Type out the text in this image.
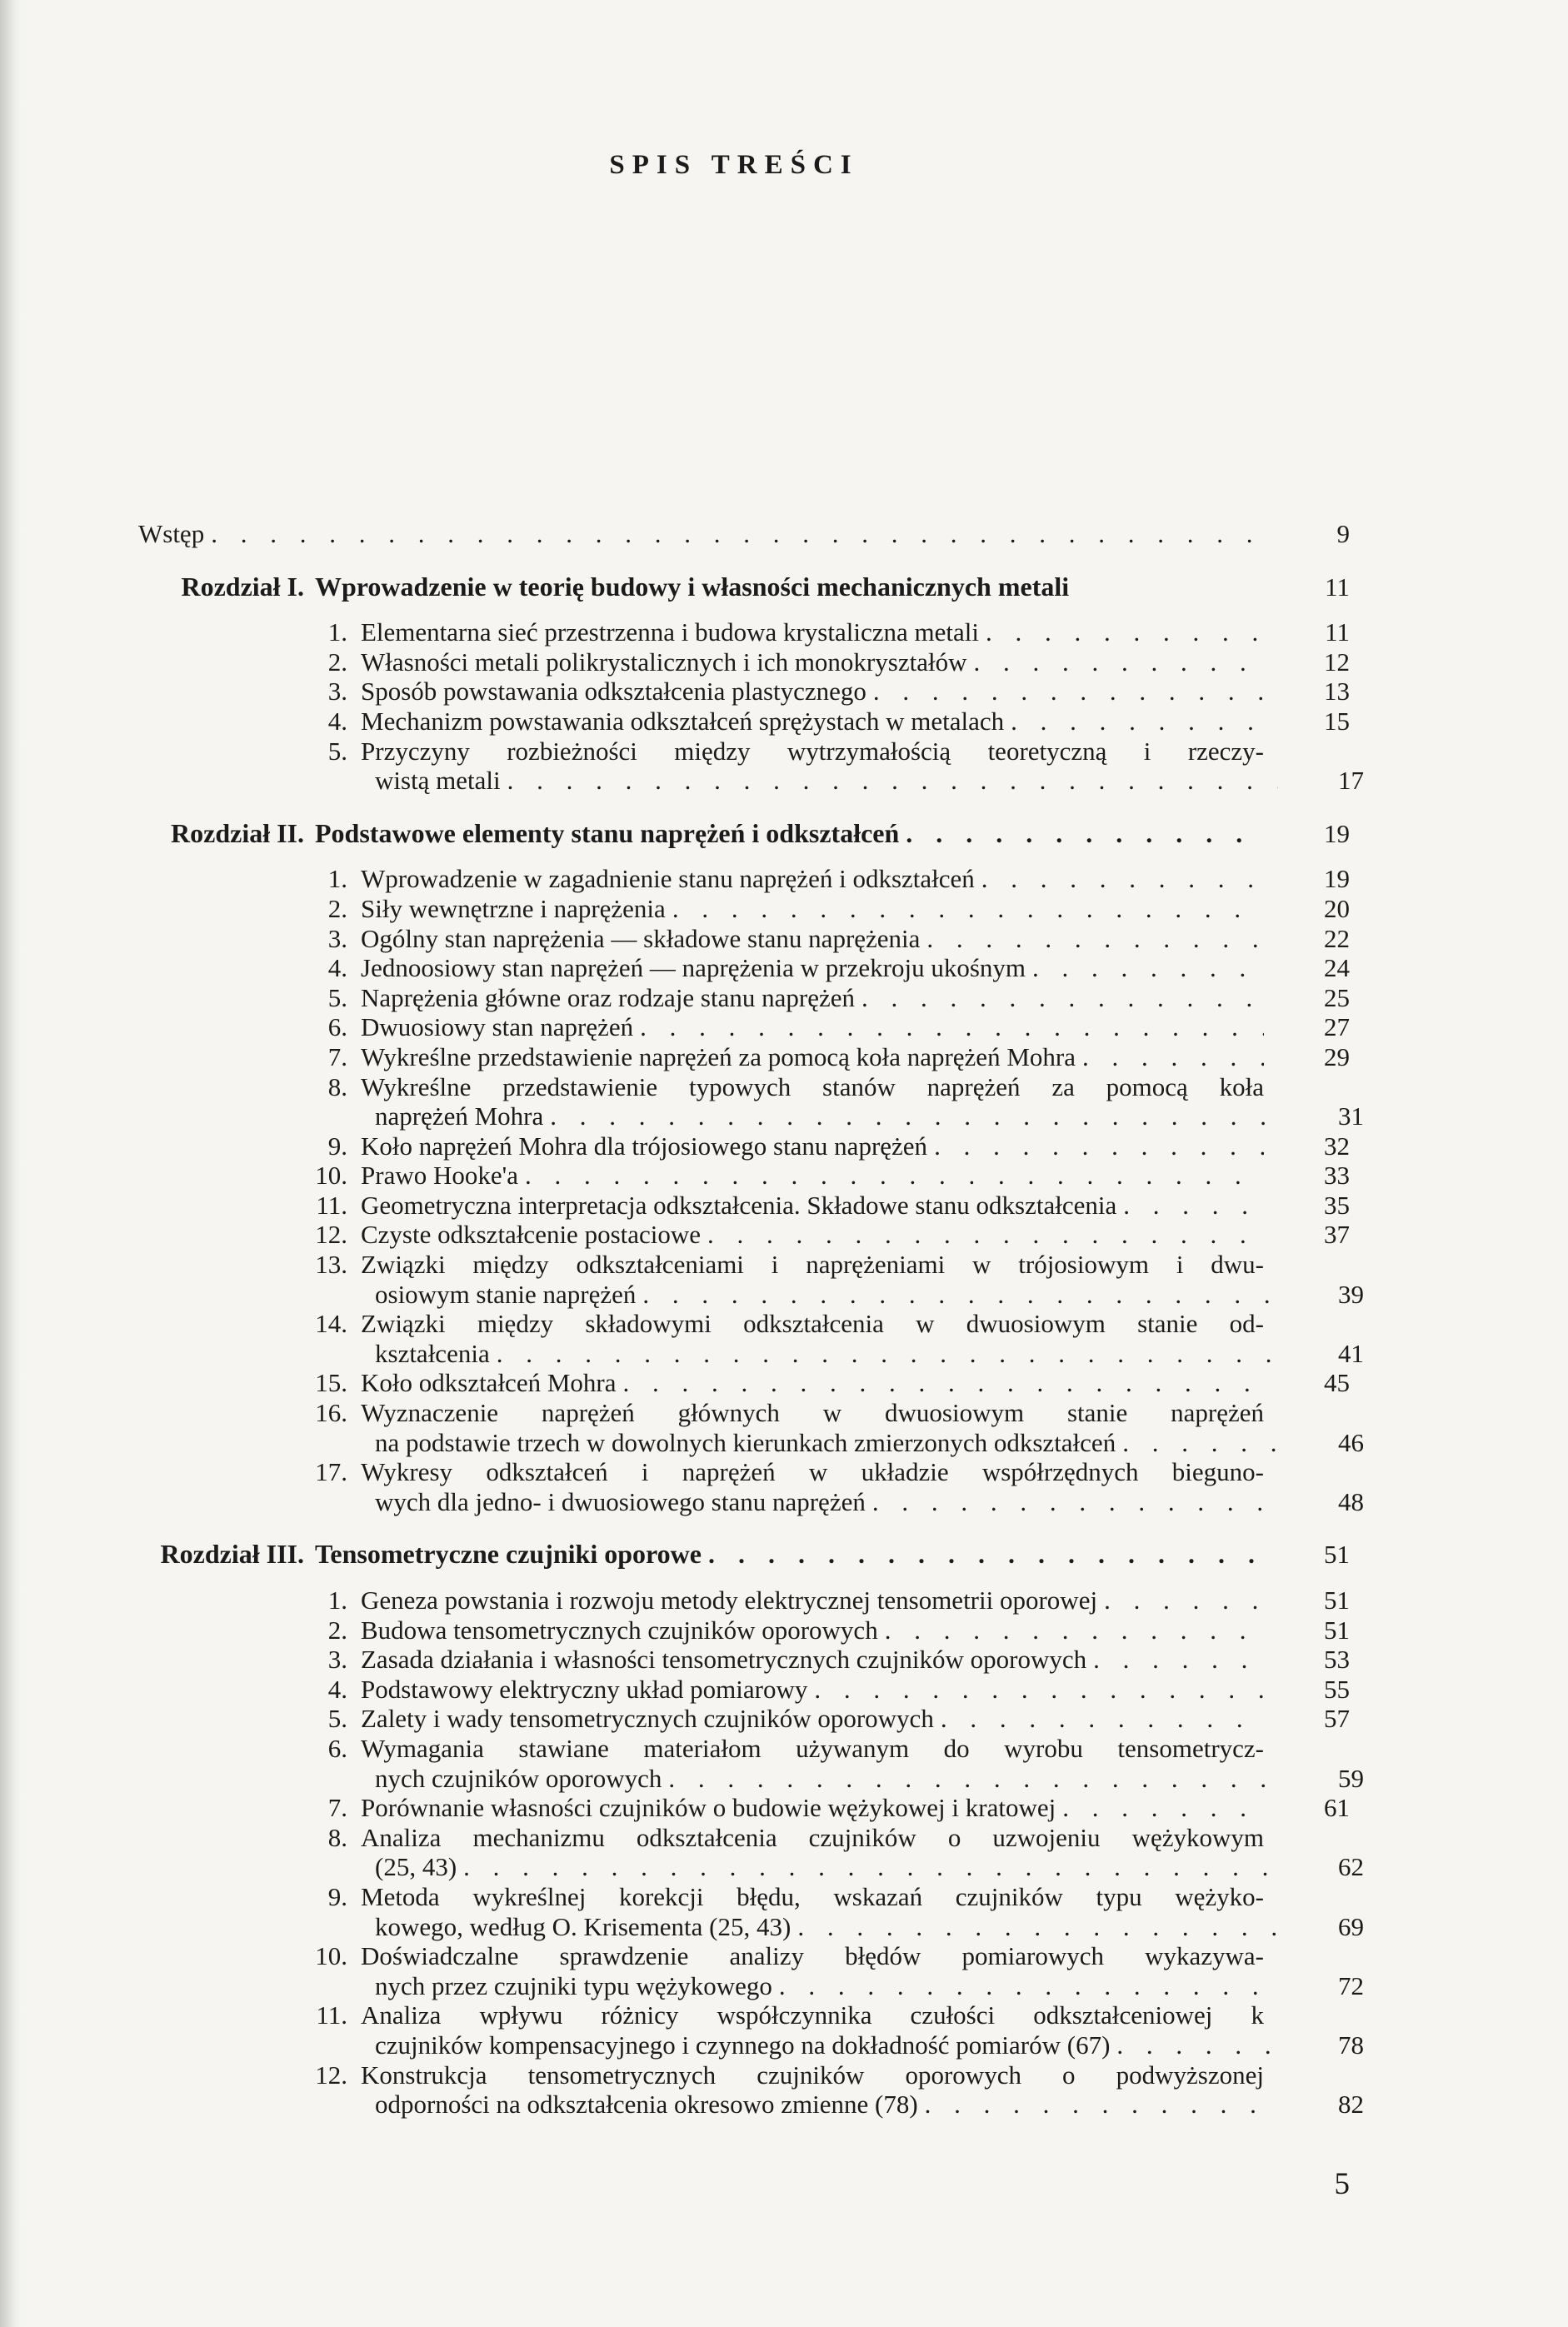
SPIS TREŚCI
Wstęp . . .	9
Rozdział I. Wprowadzenie w teorię budowy i własności mechanicznych metali	11
1. Elementarna sieć przestrzenna i budowa krystaliczna metali . . .	11
2. Własności metali polikrystalicznych i ich monokryształów . . .	12
3. Sposób powstawania odkształcenia plastycznego . . .	13
4. Mechanizm powstawania odkształceń sprężystach w metalach . . .	15
5. Przyczyny rozbieżności między wytrzymałością teoretyczną i rzeczy-
wistą metali . . .	17
Rozdział II. Podstawowe elementy stanu naprężeń i odkształceń . . .	19
1. Wprowadzenie w zagadnienie stanu naprężeń i odkształceń . . .	19
2. Siły wewnętrzne i naprężenia . . .	20
3. Ogólny stan naprężenia — składowe stanu naprężenia . . .	22
4. Jednoosiowy stan naprężeń — naprężenia w przekroju ukośnym . . .	24
5. Naprężenia główne oraz rodzaje stanu naprężeń . . .	25
6. Dwuosiowy stan naprężeń . . .	27
7. Wykreślne przedstawienie naprężeń za pomocą koła naprężeń Mohra . . .	29
8. Wykreślne przedstawienie typowych stanów naprężeń za pomocą koła
naprężeń Mohra . . .	31
9. Koło naprężeń Mohra dla trójosiowego stanu naprężeń . . .	32
10. Prawo Hooke'a . . .	33
11. Geometryczna interpretacja odkształcenia. Składowe stanu odkształcenia . . .	35
12. Czyste odkształcenie postaciowe . . .	37
13. Związki między odkształceniami i naprężeniami w trójosiowym i dwu-
osiowym stanie naprężeń . . .	39
14. Związki między składowymi odkształcenia w dwuosiowym stanie od-
kształcenia . . .	41
15. Koło odkształceń Mohra . . .	45
16. Wyznaczenie naprężeń głównych w dwuosiowym stanie naprężeń
na podstawie trzech w dowolnych kierunkach zmierzonych odkształceń . . .	46
17. Wykresy odkształceń i naprężeń w układzie współrzędnych bieguno-
wych dla jedno- i dwuosiowego stanu naprężeń . . .	48
Rozdział III. Tensometryczne czujniki oporowe . . .	51
1. Geneza powstania i rozwoju metody elektrycznej tensometrii oporowej . . .	51
2. Budowa tensometrycznych czujników oporowych . . .	51
3. Zasada działania i własności tensometrycznych czujników oporowych . . .	53
4. Podstawowy elektryczny układ pomiarowy . . .	55
5. Zalety i wady tensometrycznych czujników oporowych . . .	57
6. Wymagania stawiane materiałom używanym do wyrobu tensometrycz-
nych czujników oporowych . . .	59
7. Porównanie własności czujników o budowie wężykowej i kratowej . . .	61
8. Analiza mechanizmu odkształcenia czujników o uzwojeniu wężykowym
(25, 43) . . .	62
9. Metoda wykreślnej korekcji błędu, wskazań czujników typu wężyko-
kowego, według O. Krisementa (25, 43) . . .	69
10. Doświadczalne sprawdzenie analizy błędów pomiarowych wykazywa-
nych przez czujniki typu wężykowego . . .	72
11. Analiza wpływu różnicy współczynnika czułości odkształceniowej k
czujników kompensacyjnego i czynnego na dokładność pomiarów (67) . . .	78
12. Konstrukcja tensometrycznych czujników oporowych o podwyższonej
odporności na odkształcenia okresowo zmienne (78) . . .	82
5
